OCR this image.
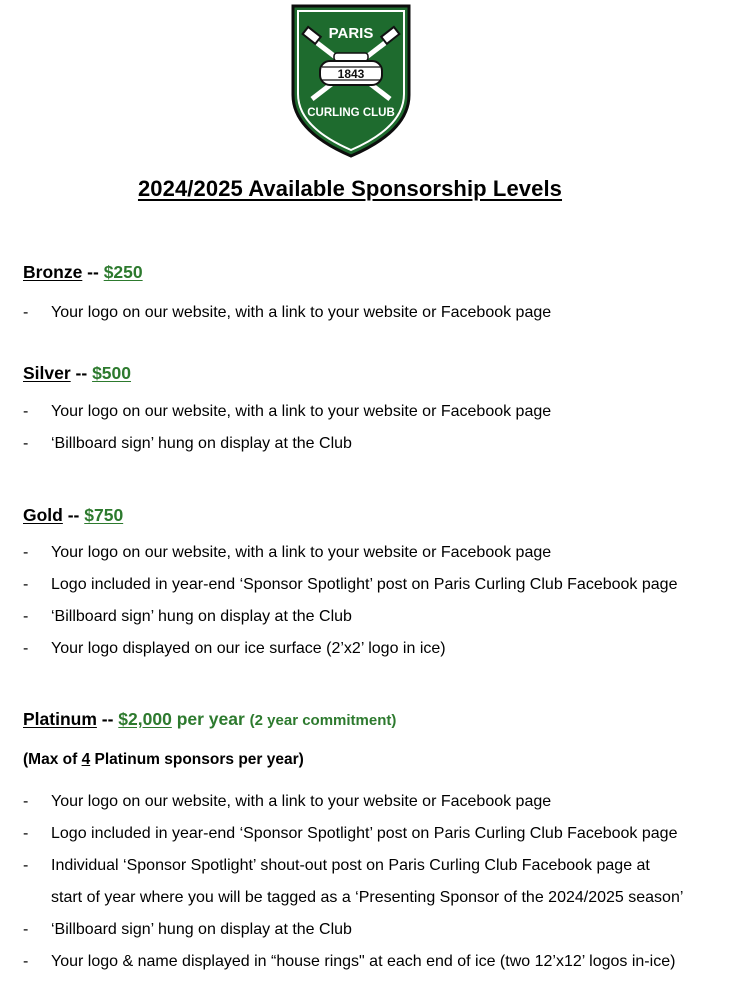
PARIS
1843
CURLING CLUB
2024/2025 Available Sponsorship Levels
Bronze -- $250
- Your logo on our website, with a link to your website or Facebook page
Silver -- $500
- Your logo on our website, with a link to your website or Facebook page
- ‘Billboard sign’ hung on display at the Club
Gold -- $750
- Your logo on our website, with a link to your website or Facebook page
- Logo included in year-end ‘Sponsor Spotlight’ post on Paris Curling Club Facebook page
- ‘Billboard sign’ hung on display at the Club
- Your logo displayed on our ice surface (2’x2’ logo in ice)
Platinum -- $2,000 per year (2 year commitment)
(Max of 4 Platinum sponsors per year)
- Your logo on our website, with a link to your website or Facebook page
- Logo included in year-end ‘Sponsor Spotlight’ post on Paris Curling Club Facebook page
- Individual ‘Sponsor Spotlight’ shout-out post on Paris Curling Club Facebook page at
start of year where you will be tagged as a ‘Presenting Sponsor of the 2024/2025 season’
- ‘Billboard sign’ hung on display at the Club
- Your logo & name displayed in “house rings" at each end of ice (two 12’x12’ logos in-ice)
